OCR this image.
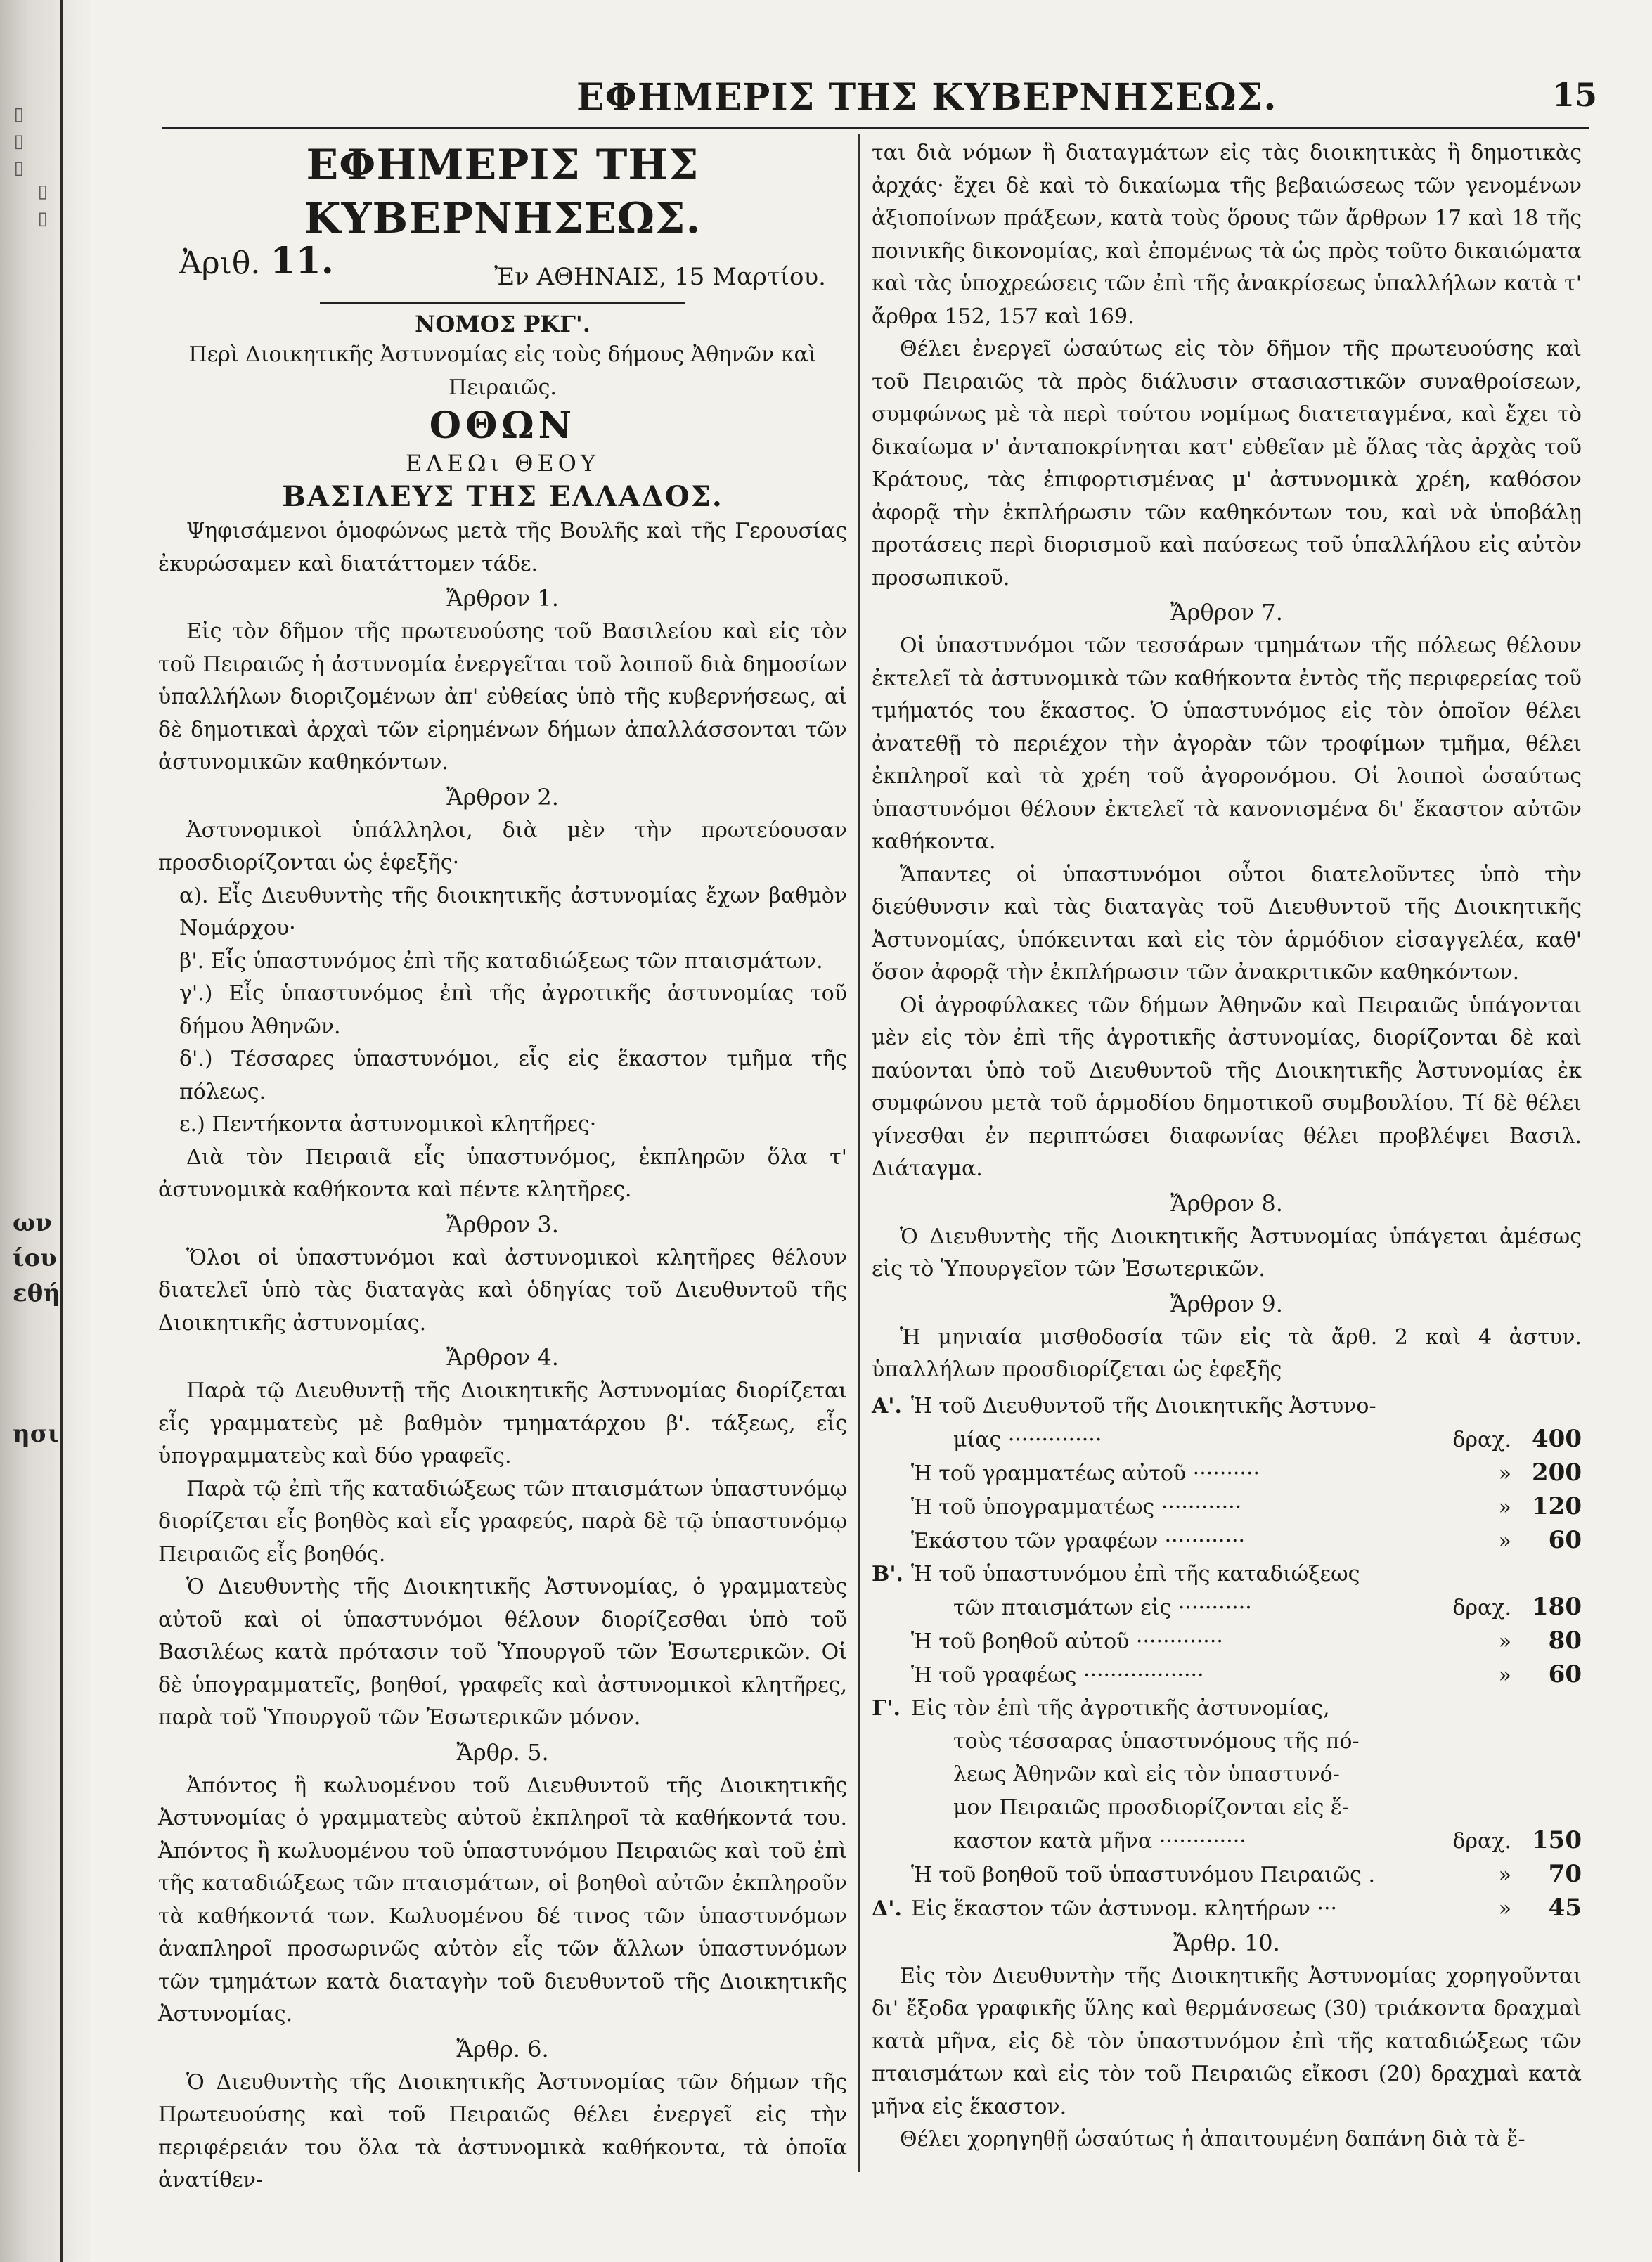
▯ ▯ ▯
▯ ▯
ων
ίου
εθή
ησι
ΕΦΗΜΕΡΙΣ ΤΗΣ ΚΥΒΕΡΝΗΣΕΩΣ.	15
ΕΦΗΜΕΡΙΣ ΤΗΣ ΚΥΒΕΡΝΗΣΕΩΣ.
Ἀριθ. 11.	Ἐν ΑΘΗΝΑΙΣ, 15 Μαρτίου.

ΝΟΜΟΣ ΡΚΓ'.

Περὶ Διοικητικῆς Ἀστυνομίας εἰς τοὺς δήμους Ἀθηνῶν καὶ Πειραιῶς.

ΟΘΩΝ

ΕΛΕΩι ΘΕΟΥ

ΒΑΣΙΛΕΥΣ ΤΗΣ ΕΛΛΑΔΟΣ.

Ψηφισάμενοι ὁμοφώνως μετὰ τῆς Βουλῆς καὶ τῆς Γερουσίας ἐκυρώσαμεν καὶ διατάττομεν τάδε.

Ἄρθρον 1.

Εἰς τὸν δῆμον τῆς πρωτευούσης τοῦ Βασιλείου καὶ εἰς τὸν τοῦ Πειραιῶς ἡ ἀστυνομία ἐνεργεῖται τοῦ λοιποῦ διὰ δημοσίων ὑπαλλήλων διοριζομένων ἀπ' εὐθείας ὑπὸ τῆς κυβερνήσεως, αἱ δὲ δημοτικαὶ ἀρχαὶ τῶν εἰρημένων δήμων ἀπαλλάσσονται τῶν ἀστυνομικῶν καθηκόντων.

Ἄρθρον 2.

Ἀστυνομικοὶ ὑπάλληλοι, διὰ μὲν τὴν πρωτεύουσαν προσδιορίζονται ὡς ἑφεξῆς·

α). Εἷς Διευθυντὴς τῆς διοικητικῆς ἀστυνομίας ἔχων βαθμὸν Νομάρχου·

β'. Εἷς ὑπαστυνόμος ἐπὶ τῆς καταδιώξεως τῶν πταισμάτων.

γ'.) Εἷς ὑπαστυνόμος ἐπὶ τῆς ἀγροτικῆς ἀστυνομίας τοῦ δήμου Ἀθηνῶν.

δ'.) Τέσσαρες ὑπαστυνόμοι, εἷς εἰς ἕκαστον τμῆμα τῆς πόλεως.

ε.) Πεντήκοντα ἀστυνομικοὶ κλητῆρες·

Διὰ τὸν Πειραιᾶ εἷς ὑπαστυνόμος, ἐκπληρῶν ὅλα τ' ἀστυνομικὰ καθήκοντα καὶ πέντε κλητῆρες.

Ἄρθρον 3.

Ὅλοι οἱ ὑπαστυνόμοι καὶ ἀστυνομικοὶ κλητῆρες θέλουν διατελεῖ ὑπὸ τὰς διαταγὰς καὶ ὁδηγίας τοῦ Διευθυντοῦ τῆς Διοικητικῆς ἀστυνομίας.

Ἄρθρον 4.

Παρὰ τῷ Διευθυντῇ τῆς Διοικητικῆς Ἀστυνομίας διορίζεται εἷς γραμματεὺς μὲ βαθμὸν τμηματάρχου β'. τάξεως, εἷς ὑπογραμματεὺς καὶ δύο γραφεῖς.

Παρὰ τῷ ἐπὶ τῆς καταδιώξεως τῶν πταισμάτων ὑπαστυνόμῳ διορίζεται εἷς βοηθὸς καὶ εἷς γραφεύς, παρὰ δὲ τῷ ὑπαστυνόμῳ Πειραιῶς εἷς βοηθός.

Ὁ Διευθυντὴς τῆς Διοικητικῆς Ἀστυνομίας, ὁ γραμματεὺς αὐτοῦ καὶ οἱ ὑπαστυνόμοι θέλουν διορίζεσθαι ὑπὸ τοῦ Βασιλέως κατὰ πρότασιν τοῦ Ὑπουργοῦ τῶν Ἐσωτερικῶν. Οἱ δὲ ὑπογραμματεῖς, βοηθοί, γραφεῖς καὶ ἀστυνομικοὶ κλητῆρες, παρὰ τοῦ Ὑπουργοῦ τῶν Ἐσωτερικῶν μόνον.

Ἄρθρ. 5.

Ἀπόντος ἢ κωλυομένου τοῦ Διευθυντοῦ τῆς Διοικητικῆς Ἀστυνομίας ὁ γραμματεὺς αὐτοῦ ἐκπληροῖ τὰ καθήκοντά του. Ἀπόντος ἢ κωλυομένου τοῦ ὑπαστυνόμου Πειραιῶς καὶ τοῦ ἐπὶ τῆς καταδιώξεως τῶν πταισμάτων, οἱ βοηθοὶ αὐτῶν ἐκπληροῦν τὰ καθήκοντά των. Κωλυομένου δέ τινος τῶν ὑπαστυνόμων ἀναπληροῖ προσωρινῶς αὐτὸν εἷς τῶν ἄλλων ὑπαστυνόμων τῶν τμημάτων κατὰ διαταγὴν τοῦ διευθυντοῦ τῆς Διοικητικῆς Ἀστυνομίας.

Ἄρθρ. 6.

Ὁ Διευθυντὴς τῆς Διοικητικῆς Ἀστυνομίας τῶν δήμων τῆς Πρωτευούσης καὶ τοῦ Πειραιῶς θέλει ἐνεργεῖ εἰς τὴν περιφέρειάν του ὅλα τὰ ἀστυνομικὰ καθήκοντα, τὰ ὁποῖα ἀνατίθεν-

ται διὰ νόμων ἢ διαταγμάτων εἰς τὰς διοικητικὰς ἢ δημοτικὰς ἀρχάς· ἔχει δὲ καὶ τὸ δικαίωμα τῆς βεβαιώσεως τῶν γενομένων ἀξιοποίνων πράξεων, κατὰ τοὺς ὅρους τῶν ἄρθρων 17 καὶ 18 τῆς ποινικῆς δικονομίας, καὶ ἐπομένως τὰ ὡς πρὸς τοῦτο δικαιώματα καὶ τὰς ὑποχρεώσεις τῶν ἐπὶ τῆς ἀνακρίσεως ὑπαλλήλων κατὰ τ' ἄρθρα 152, 157 καὶ 169.

Θέλει ἐνεργεῖ ὡσαύτως εἰς τὸν δῆμον τῆς πρωτευούσης καὶ τοῦ Πειραιῶς τὰ πρὸς διάλυσιν στασιαστικῶν συναθροίσεων, συμφώνως μὲ τὰ περὶ τούτου νομίμως διατεταγμένα, καὶ ἔχει τὸ δικαίωμα ν' ἀνταποκρίνηται κατ' εὐθεῖαν μὲ ὅλας τὰς ἀρχὰς τοῦ Κράτους, τὰς ἐπιφορτισμένας μ' ἀστυνομικὰ χρέη, καθόσον ἀφορᾷ τὴν ἐκπλήρωσιν τῶν καθηκόντων του, καὶ νὰ ὑποβάλῃ προτάσεις περὶ διορισμοῦ καὶ παύσεως τοῦ ὑπαλλήλου εἰς αὐτὸν προσωπικοῦ.

Ἄρθρον 7.

Οἱ ὑπαστυνόμοι τῶν τεσσάρων τμημάτων τῆς πόλεως θέλουν ἐκτελεῖ τὰ ἀστυνομικὰ τῶν καθήκοντα ἐντὸς τῆς περιφερείας τοῦ τμήματός του ἕκαστος. Ὁ ὑπαστυνόμος εἰς τὸν ὁποῖον θέλει ἀνατεθῇ τὸ περιέχον τὴν ἀγορὰν τῶν τροφίμων τμῆμα, θέλει ἐκπληροῖ καὶ τὰ χρέη τοῦ ἀγορονόμου. Οἱ λοιποὶ ὡσαύτως ὑπαστυνόμοι θέλουν ἐκτελεῖ τὰ κανονισμένα δι' ἕκαστον αὐτῶν καθήκοντα.

Ἅπαντες οἱ ὑπαστυνόμοι οὗτοι διατελοῦντες ὑπὸ τὴν διεύθυνσιν καὶ τὰς διαταγὰς τοῦ Διευθυντοῦ τῆς Διοικητικῆς Ἀστυνομίας, ὑπόκεινται καὶ εἰς τὸν ἁρμόδιον εἰσαγγελέα, καθ' ὅσον ἀφορᾷ τὴν ἐκπλήρωσιν τῶν ἀνακριτικῶν καθηκόντων.

Οἱ ἀγροφύλακες τῶν δήμων Ἀθηνῶν καὶ Πειραιῶς ὑπάγονται μὲν εἰς τὸν ἐπὶ τῆς ἀγροτικῆς ἀστυνομίας, διορίζονται δὲ καὶ παύονται ὑπὸ τοῦ Διευθυντοῦ τῆς Διοικητικῆς Ἀστυνομίας ἐκ συμφώνου μετὰ τοῦ ἁρμοδίου δημοτικοῦ συμβουλίου. Τί δὲ θέλει γίνεσθαι ἐν περιπτώσει διαφωνίας θέλει προβλέψει Βασιλ. Διάταγμα.

Ἄρθρον 8.

Ὁ Διευθυντὴς τῆς Διοικητικῆς Ἀστυνομίας ὑπάγεται ἀμέσως εἰς τὸ Ὑπουργεῖον τῶν Ἐσωτερικῶν.

Ἄρθρον 9.

Ἡ μηνιαία μισθοδοσία τῶν εἰς τὰ ἄρθ. 2 καὶ 4 ἀστυν. ὑπαλλήλων προσδιορίζεται ὡς ἑφεξῆς

Α'. Ἡ τοῦ Διευθυντοῦ τῆς Διοικητικῆς Ἀστυνο-
μίας ··············	δραχ. 400
Ἡ τοῦ γραμματέως αὐτοῦ ··········	» 200
Ἡ τοῦ ὑπογραμματέως ············	» 120
Ἑκάστου τῶν γραφέων ············	»	60
Β'. Ἡ τοῦ ὑπαστυνόμου ἐπὶ τῆς καταδιώξεως
τῶν πταισμάτων εἰς ···········	δραχ. 180
Ἡ τοῦ βοηθοῦ αὐτοῦ ·············	»	80
Ἡ τοῦ γραφέως ··················	»	60
Γ'. Εἰς τὸν ἐπὶ τῆς ἀγροτικῆς ἀστυνομίας,
τοὺς τέσσαρας ὑπαστυνόμους τῆς πό-
λεως Ἀθηνῶν καὶ εἰς τὸν ὑπαστυνό-
μον Πειραιῶς προσδιορίζονται εἰς ἕ-
καστον κατὰ μῆνα ·············	δραχ. 150
Ἡ τοῦ βοηθοῦ τοῦ ὑπαστυνόμου Πειραιῶς .	»	70
Δ'. Εἰς ἕκαστον τῶν ἀστυνομ. κλητήρων ···	»	45

Ἄρθρ. 10.

Εἰς τὸν Διευθυντὴν τῆς Διοικητικῆς Ἀστυνομίας χορηγοῦνται δι' ἔξοδα γραφικῆς ὕλης καὶ θερμάνσεως (30) τριάκοντα δραχμαὶ κατὰ μῆνα, εἰς δὲ τὸν ὑπαστυνόμον ἐπὶ τῆς καταδιώξεως τῶν πταισμάτων καὶ εἰς τὸν τοῦ Πειραιῶς εἴκοσι (20) δραχμαὶ κατὰ μῆνα εἰς ἕκαστον.

Θέλει χορηγηθῇ ὡσαύτως ἡ ἀπαιτουμένη δαπάνη διὰ τὰ ἔ-
